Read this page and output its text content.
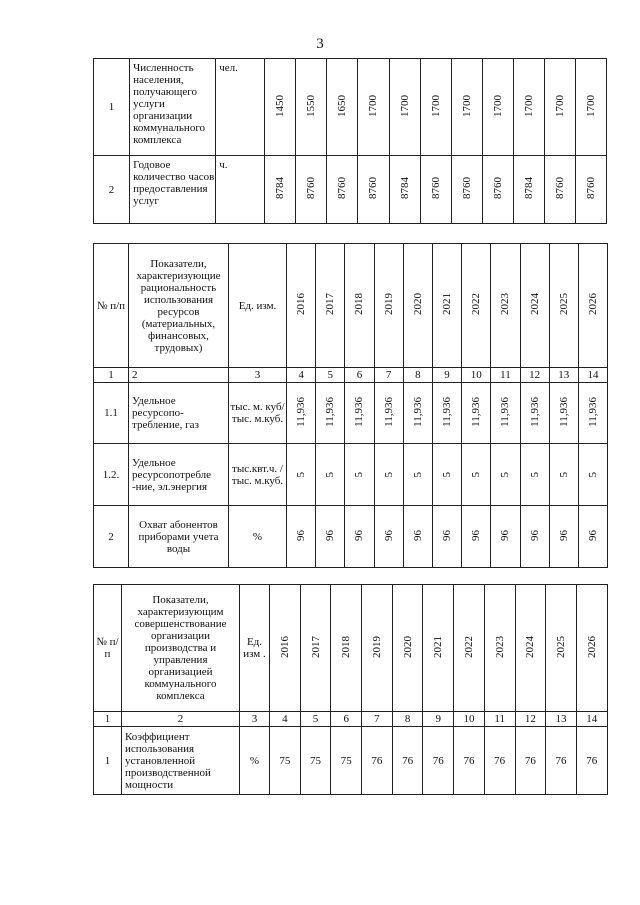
3
1	Численность населения, получающего услуги организации коммунального комплекса	чел.	1450	1550	1650	1700	1700	1700	1700	1700	1700	1700	1700
2	Годовое количество часов предоставления услуг	ч.	8784	8760	8760	8760	8784	8760	8760	8760	8784	8760	8760
№ п/п	Показатели, характеризующие рациональность использования ресурсов (материальных, финансовых, трудовых)	Ед. изм.	2016	2017	2018	2019	2020	2021	2022	2023	2024	2025	2026
1	2	3	4	5	6	7	8	9	10	11	12	13	14
1.1	Удельное ресурсопо-требление, газ	тыс. м. куб/тыс. м.куб.	11,936	11,936	11,936	11,936	11,936	11,936	11,936	11,936	11,936	11,936	11,936
1.2.	Удельное ресурсопотребле -ние, эл.энергия	тыс.квт.ч. / тыс. м.куб.	5	5	5	5	5	5	5	5	5	5	5
2	Охват абонентов приборами учета воды	%	96	96	96	96	96	96	96	96	96	96	96
№ п/п	Показатели, характеризующим совершенствование организации производства и управления организацией коммунального комплекса	Ед. изм .	2016	2017	2018	2019	2020	2021	2022	2023	2024	2025	2026
1	2	3	4	5	6	7	8	9	10	11	12	13	14
1	Коэффициент использования установленной производственной мощности	%	75	75	75	76	76	76	76	76	76	76	76
